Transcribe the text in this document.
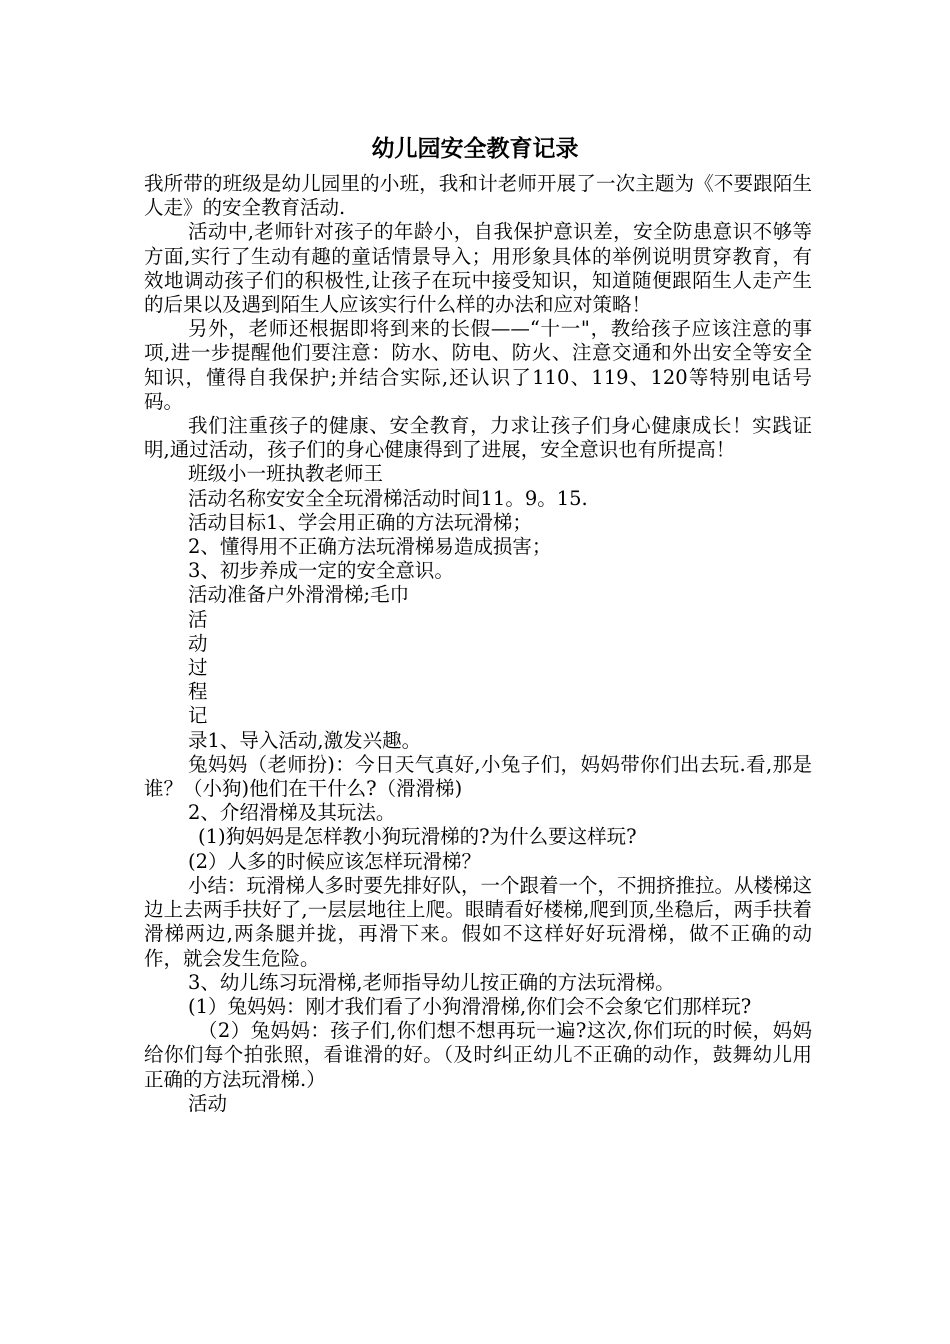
幼儿园安全教育记录

我所带的班级是幼儿园里的小班，我和计老师开展了一次主题为《不要跟陌生人走》的安全教育活动.

活动中,老师针对孩子的年龄小，自我保护意识差，安全防患意识不够等方面,实行了生动有趣的童话情景导入；用形象具体的举例说明贯穿教育，有效地调动孩子们的积极性,让孩子在玩中接受知识，知道随便跟陌生人走产生的后果以及遇到陌生人应该实行什么样的办法和应对策略！

另外，老师还根据即将到来的长假——“十一"，教给孩子应该注意的事项,进一步提醒他们要注意：防水、防电、防火、注意交通和外出安全等安全知识，懂得自我保护;并结合实际,还认识了110、119、120等特别电话号码。

我们注重孩子的健康、安全教育，力求让孩子们身心健康成长！实践证明,通过活动，孩子们的身心健康得到了进展，安全意识也有所提高！

班级小一班执教老师王

活动名称安安全全玩滑梯活动时间11。9。15.

活动目标1、学会用正确的方法玩滑梯；

2、懂得用不正确方法玩滑梯易造成损害；

3、初步养成一定的安全意识。

活动准备户外滑滑梯;毛巾

活

动

过

程

记

录1、导入活动,激发兴趣。

兔妈妈（老师扮)：今日天气真好,小兔子们，妈妈带你们出去玩.看,那是谁？（小狗)他们在干什么?（滑滑梯)

2、介绍滑梯及其玩法。

(1)狗妈妈是怎样教小狗玩滑梯的?为什么要这样玩?

(2）人多的时候应该怎样玩滑梯？

小结：玩滑梯人多时要先排好队，一个跟着一个，不拥挤推拉。从楼梯这边上去两手扶好了,一层层地往上爬。眼睛看好楼梯,爬到顶,坐稳后，两手扶着滑梯两边,两条腿并拢，再滑下来。假如不这样好好玩滑梯，做不正确的动作，就会发生危险。

3、幼儿练习玩滑梯,老师指导幼儿按正确的方法玩滑梯。

(1）兔妈妈：刚才我们看了小狗滑滑梯,你们会不会象它们那样玩?

（2）兔妈妈：孩子们,你们想不想再玩一遍?这次,你们玩的时候，妈妈给你们每个拍张照，看谁滑的好。（及时纠正幼儿不正确的动作，鼓舞幼儿用正确的方法玩滑梯.）

活动
